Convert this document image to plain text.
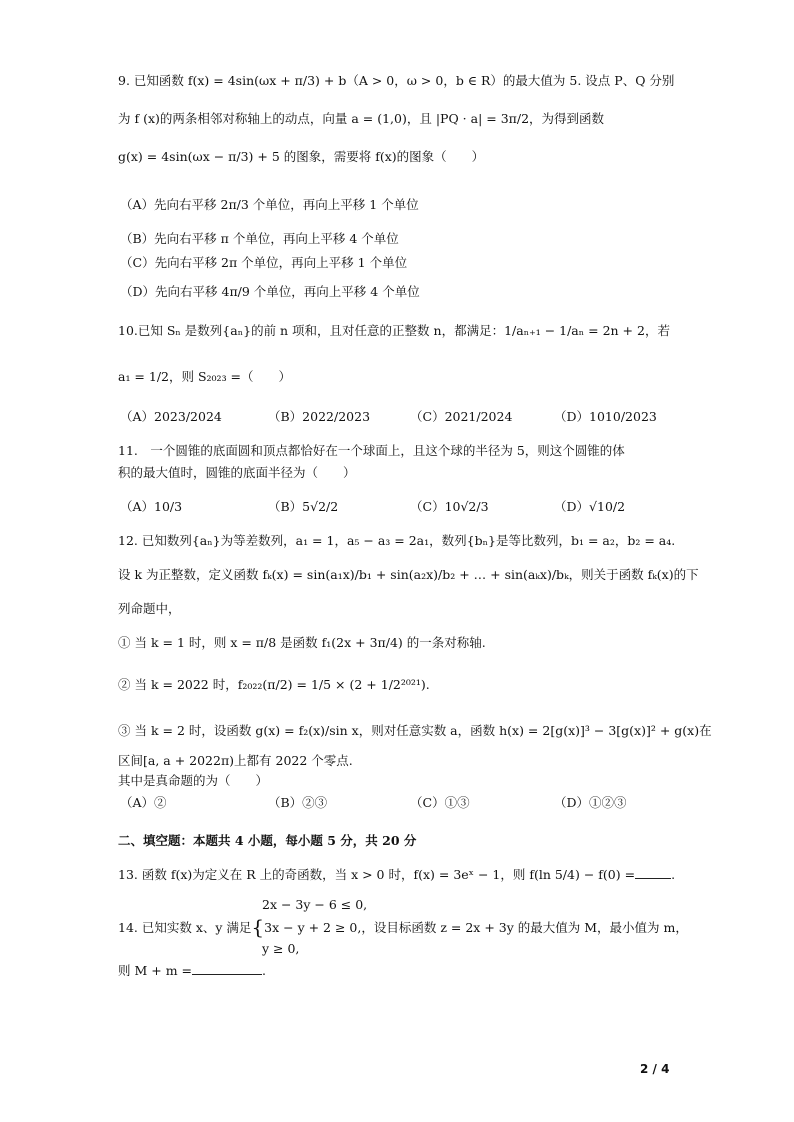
9. 已知函数 f(x) = 4sin(ωx + π/3) + b（A > 0，ω > 0，b ∈ R）的最大值为 5. 设点 P、Q 分别
为 f (x)的两条相邻对称轴上的动点，向量 a = (1,0)，且 |PQ · a| = 3π/2，为得到函数
g(x) = 4sin(ωx − π/3) + 5 的图象，需要将 f(x)的图象（　　）
（A）先向右平移 2π/3 个单位，再向上平移 1 个单位
（B）先向右平移 π 个单位，再向上平移 4 个单位
（C）先向右平移 2π 个单位，再向上平移 1 个单位
（D）先向右平移 4π/9 个单位，再向上平移 4 个单位
10.已知 Sₙ 是数列{aₙ}的前 n 项和，且对任意的正整数 n，都满足：1/aₙ₊₁ − 1/aₙ = 2n + 2，若
a₁ = 1/2，则 S₂₀₂₃ =（　　）
（A）2023/2024	（B）2022/2023	（C）2021/2024	（D）1010/2023
11.　一个圆锥的底面圆和顶点都恰好在一个球面上，且这个球的半径为 5，则这个圆锥的体
积的最大值时，圆锥的底面半径为（　　）
（A）10/3	（B）5√2/2	（C）10√2/3	（D）√10/2
12. 已知数列{aₙ}为等差数列，a₁ = 1，a₅ − a₃ = 2a₁，数列{bₙ}是等比数列，b₁ = a₂，b₂ = a₄.
设 k 为正整数，定义函数 fₖ(x) = sin(a₁x)/b₁ + sin(a₂x)/b₂ + … + sin(aₖx)/bₖ，则关于函数 fₖ(x)的下
列命题中，
① 当 k = 1 时，则 x = π/8 是函数 f₁(2x + 3π/4) 的一条对称轴.
② 当 k = 2022 时，f₂₀₂₂(π/2) = 1/5 × (2 + 1/2²⁰²¹).
③ 当 k = 2 时，设函数 g(x) = f₂(x)/sin x，则对任意实数 a，函数 h(x) = 2[g(x)]³ − 3[g(x)]² + g(x)在
区间[a, a + 2022π)上都有 2022 个零点.
其中是真命题的为（　　）
（A）②	（B）②③	（C）①③	（D）①②③
二、填空题：本题共 4 小题，每小题 5 分，共 20 分
13. 函数 f(x)为定义在 R 上的奇函数，当 x > 0 时，f(x) = 3eˣ − 1，则 f(ln 5/4) − f(0) =	.
2x − 3y − 6 ≤ 0,
14. 已知实数 x、y 满足{3x − y + 2 ≥ 0,，设目标函数 z = 2x + 3y 的最大值为 M，最小值为 m，
y ≥ 0,
则 M + m =	.
2 / 4
